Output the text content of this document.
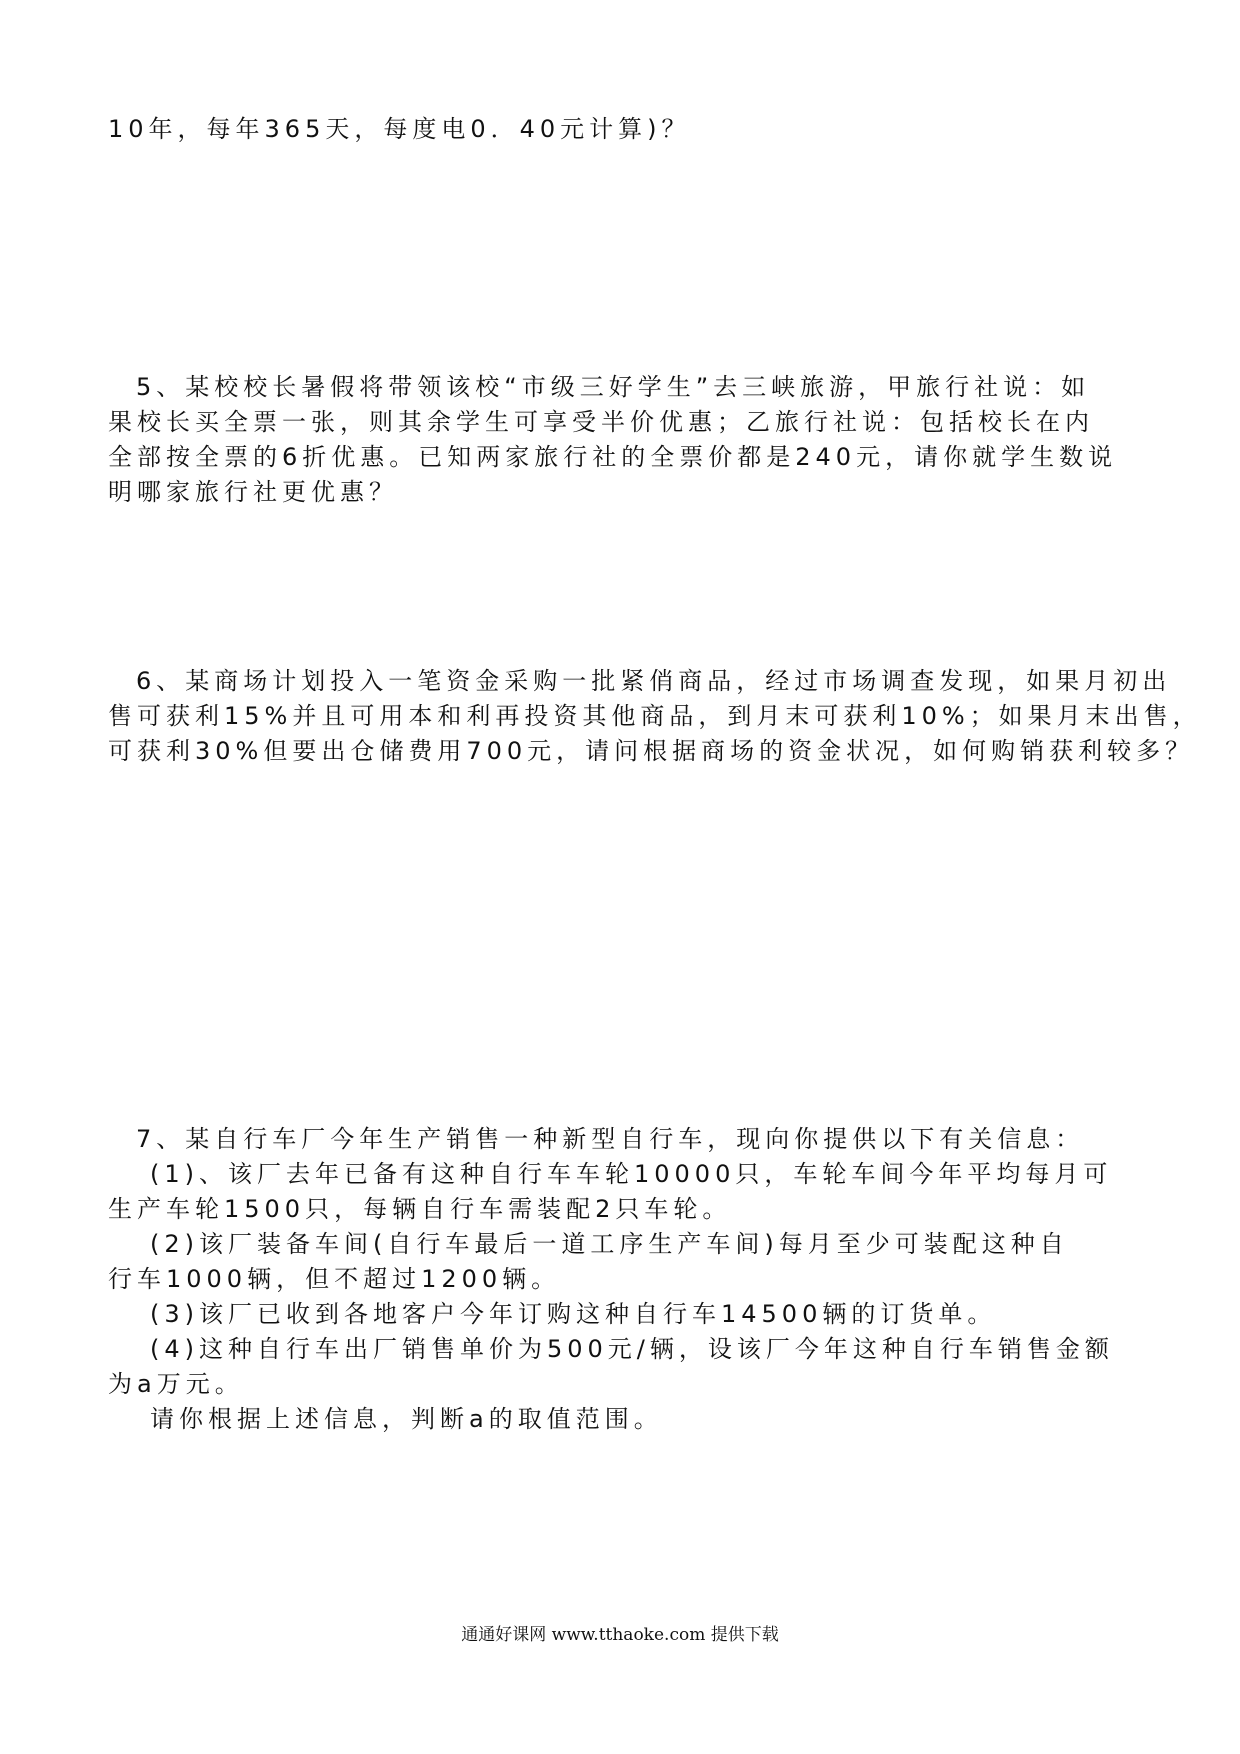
10年，每年365天，每度电0．40元计算)？
5、某校校长暑假将带领该校“市级三好学生”去三峡旅游，甲旅行社说：如
果校长买全票一张，则其余学生可享受半价优惠；乙旅行社说：包括校长在内
全部按全票的6折优惠。已知两家旅行社的全票价都是240元，请你就学生数说
明哪家旅行社更优惠？
6、某商场计划投入一笔资金采购一批紧俏商品，经过市场调查发现，如果月初出
售可获利15%并且可用本和利再投资其他商品，到月末可获利10%；如果月末出售，
可获利30%但要出仓储费用700元，请问根据商场的资金状况，如何购销获利较多？
7、某自行车厂今年生产销售一种新型自行车，现向你提供以下有关信息：
(1)、该厂去年已备有这种自行车车轮10000只，车轮车间今年平均每月可
生产车轮1500只，每辆自行车需装配2只车轮。
(2)该厂装备车间(自行车最后一道工序生产车间)每月至少可装配这种自
行车1000辆，但不超过1200辆。
(3)该厂已收到各地客户今年订购这种自行车14500辆的订货单。
(4)这种自行车出厂销售单价为500元/辆，设该厂今年这种自行车销售金额
为a万元。
请你根据上述信息，判断a的取值范围。
通通好课网 www.tthaoke.com 提供下载
